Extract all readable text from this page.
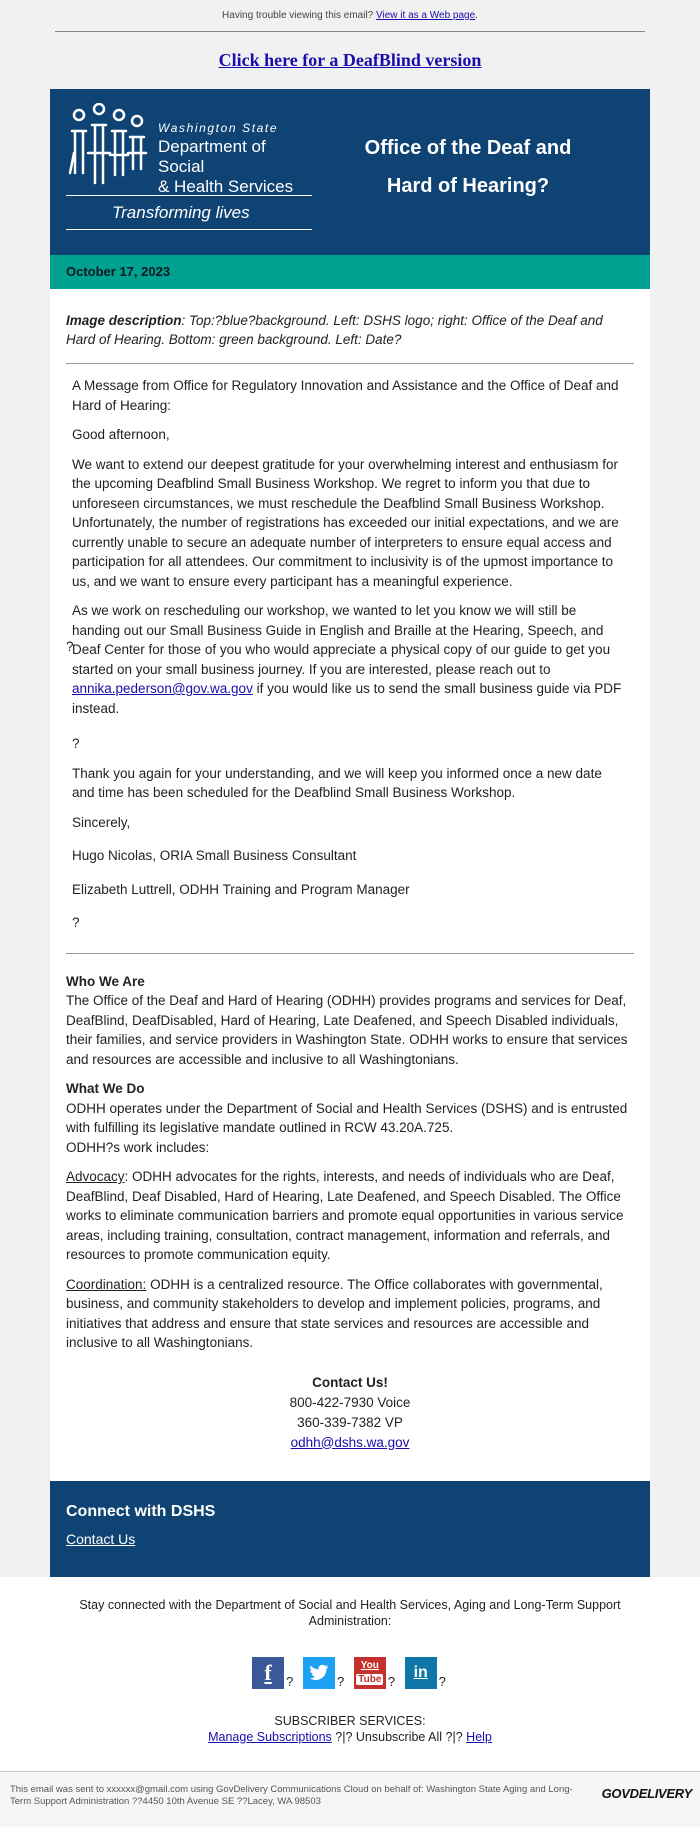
Having trouble viewing this email? View it as a Web page.
Click here for a DeafBlind version
Washington State
Department of Social
& Health Services
Transforming lives
Office of the Deaf and
Hard of Hearing?
October 17, 2023
Image description: Top:?blue?background. Left: DSHS logo; right: Office of the Deaf and Hard of Hearing. Bottom: green background. Left: Date?

A Message from Office for Regulatory Innovation and Assistance and the Office of Deaf and Hard of Hearing:

Good afternoon,

We want to extend our deepest gratitude for your overwhelming interest and enthusiasm for the upcoming Deafblind Small Business Workshop. We regret to inform you that due to unforeseen circumstances, we must reschedule the Deafblind Small Business Workshop. Unfortunately, the number of registrations has exceeded our initial expectations, and we are currently unable to secure an adequate number of interpreters to ensure equal access and participation for all attendees. Our commitment to inclusivity is of the upmost importance to us, and we want to ensure every participant has a meaningful experience.

?
As we work on rescheduling our workshop, we wanted to let you know we will still be handing out our Small Business Guide in English and Braille at the Hearing, Speech, and Deaf Center for those of you who would appreciate a physical copy of our guide to get you started on your small business journey. If you are interested, please reach out to annika.pederson@gov.wa.gov if you would like us to send the small business guide via PDF instead.

?

Thank you again for your understanding, and we will keep you informed once a new date and time has been scheduled for the Deafblind Small Business Workshop.

Sincerely,

Hugo Nicolas, ORIA Small Business Consultant

Elizabeth Luttrell, ODHH Training and Program Manager

?

Who We Are

The Office of the Deaf and Hard of Hearing (ODHH) provides programs and services for Deaf, DeafBlind, DeafDisabled, Hard of Hearing, Late Deafened, and Speech Disabled individuals, their families, and service providers in Washington State. ODHH works to ensure that services and resources are accessible and inclusive to all Washingtonians.

What We Do

ODHH operates under the Department of Social and Health Services (DSHS) and is entrusted with fulfilling its legislative mandate outlined in RCW 43.20A.725.
ODHH?s work includes:

Advocacy: ODHH advocates for the rights, interests, and needs of individuals who are Deaf, DeafBlind, Deaf Disabled, Hard of Hearing, Late Deafened, and Speech Disabled. The Office works to eliminate communication barriers and promote equal opportunities in various service areas, including training, consultation, contract management, information and referrals, and resources to promote communication equity.

Coordination: ODHH is a centralized resource. The Office collaborates with governmental, business, and community stakeholders to develop and implement policies, programs, and initiatives that address and ensure that state services and resources are accessible and inclusive to all Washingtonians.

Contact Us!
800-422-7930 Voice
360-339-7382 VP
odhh@dshs.wa.gov
Connect with DSHS
Contact Us
Stay connected with the Department of Social and Health Services, Aging and Long-Term Support Administration:
f ?	? You
Tube ? in?
SUBSCRIBER SERVICES:
Manage Subscriptions ?|? Unsubscribe All ?|? Help
This email was sent to xxxxxx@gmail.com using GovDelivery Communications Cloud on behalf of: Washington State Aging and Long-Term Support Administration ??4450 10th Avenue SE ??Lacey, WA 98503
GOVDELIVERY
